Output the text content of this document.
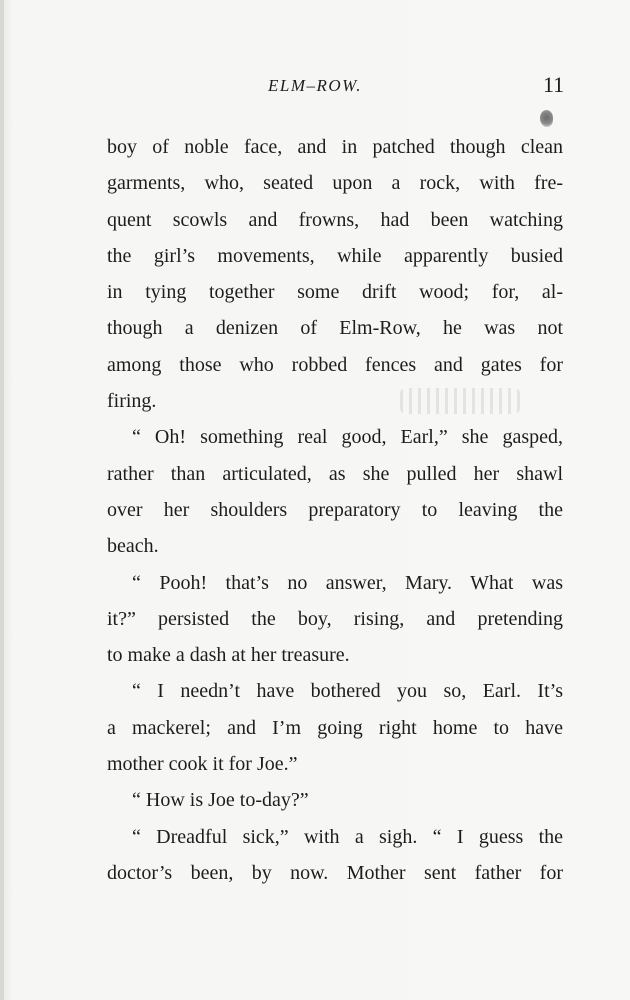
ELM–ROW.	11
boy of noble face, and in patched though clean
garments, who, seated upon a rock, with fre-
quent scowls and frowns, had been watching
the girl’s movements, while apparently busied
in tying together some drift wood; for, al-
though a denizen of Elm-Row, he was not
among those who robbed fences and gates for
firing.
“ Oh! something real good, Earl,” she gasped,
rather than articulated, as she pulled her shawl
over her shoulders preparatory to leaving the
beach.
“ Pooh! that’s no answer, Mary. What was
it?” persisted the boy, rising, and pretending
to make a dash at her treasure.
“ I needn’t have bothered you so, Earl. It’s
a mackerel; and I’m going right home to have
mother cook it for Joe.”
“ How is Joe to-day?”
“ Dreadful sick,” with a sigh. “ I guess the
doctor’s been, by now. Mother sent father for
